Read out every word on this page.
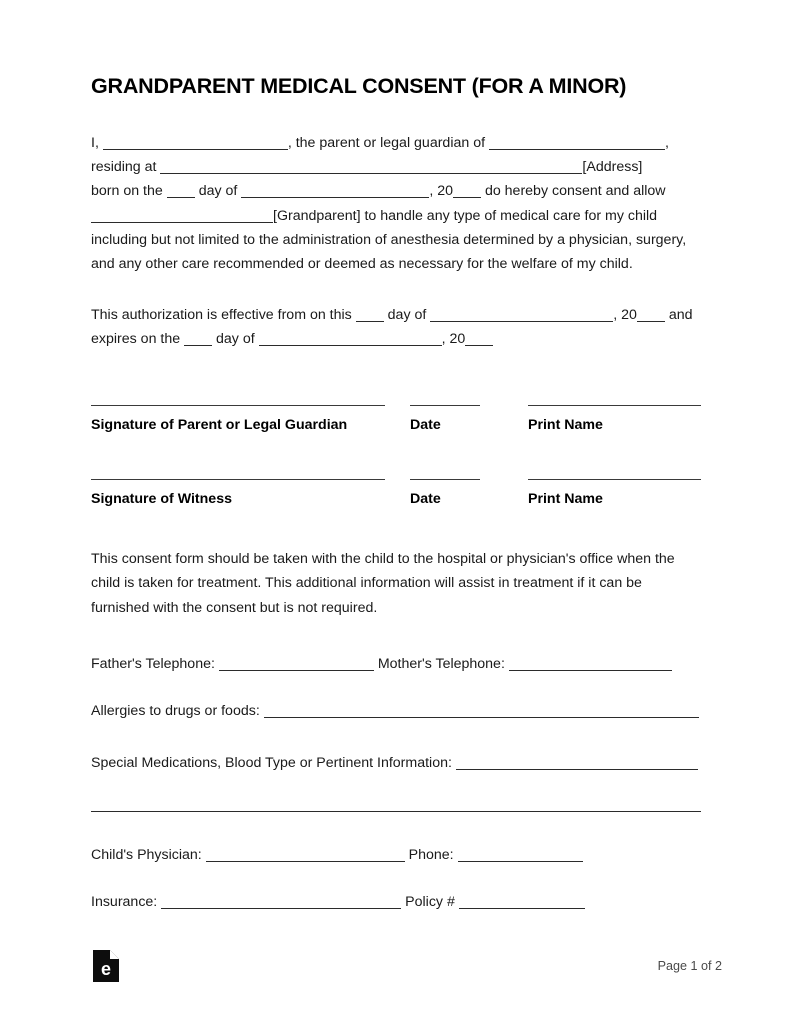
GRANDPARENT MEDICAL CONSENT (FOR A MINOR)
I,	, the parent or legal guardian of	,
residing at	[Address]
born on the	day of	, 20 do hereby consent and allow
[Grandparent] to handle any type of medical care for my child
including but not limited to the administration of anesthesia determined by a physician, surgery,
and any other care recommended or deemed as necessary for the welfare of my child.
This authorization is effective from on this	day of	, 20 and
expires on the	day of	, 20
Signature of Parent or Legal Guardian	Date	Print Name
Signature of Witness	Date	Print Name
This consent form should be taken with the child to the hospital or physician's office when the
child is taken for treatment. This additional information will assist in treatment if it can be
furnished with the consent but is not required.
Father's Telephone:	Mother's Telephone:
Allergies to drugs or foods:
Special Medications, Blood Type or Pertinent Information:
Child's Physician:	Phone:
Insurance:	Policy #
e	Page 1 of 2
